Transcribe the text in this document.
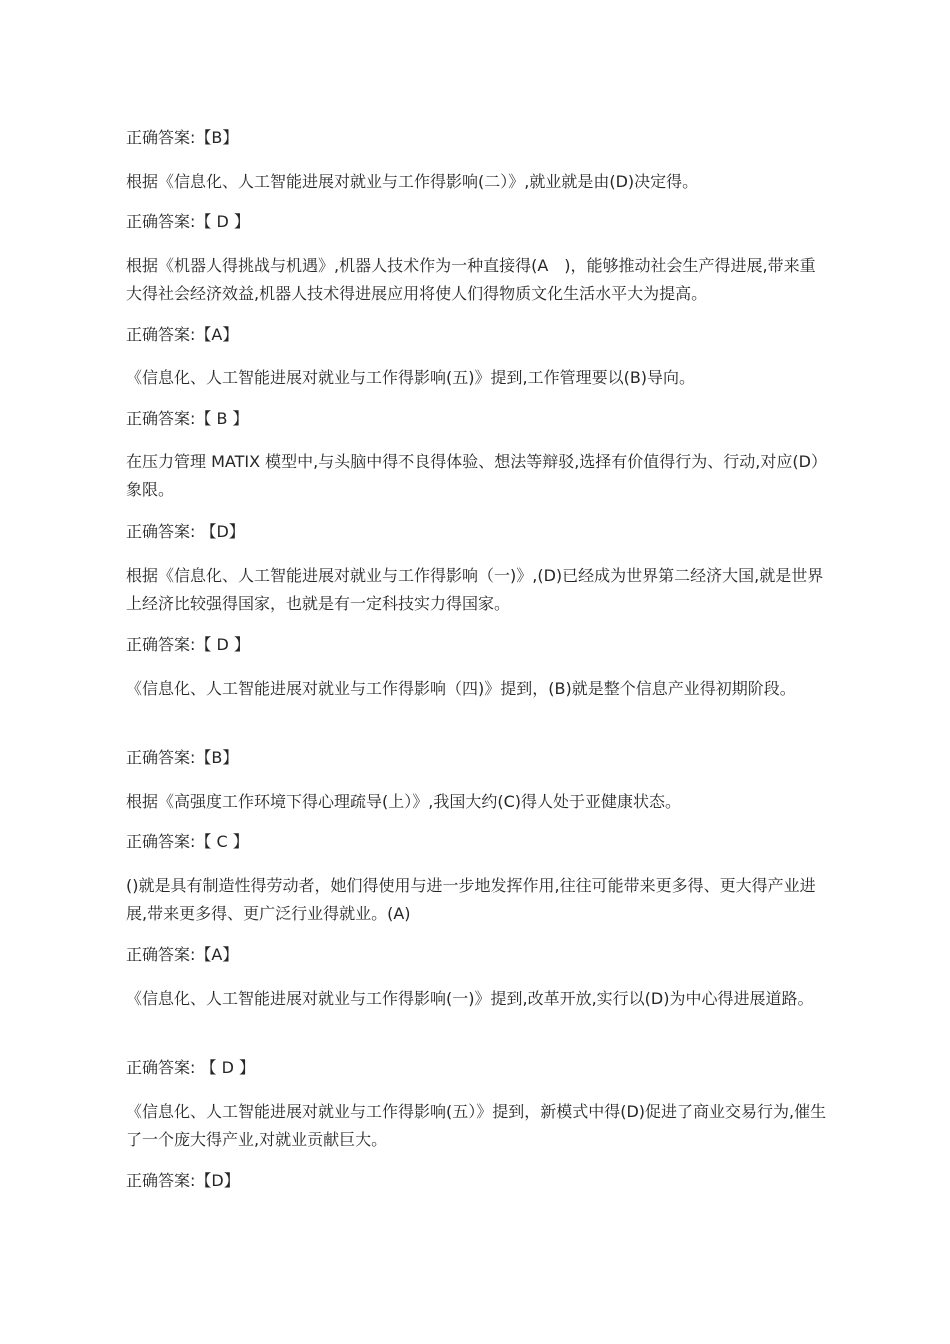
正确答案:【B】

根据《信息化、人工智能进展对就业与工作得影响(二）》,就业就是由(D)决定得。

正确答案:【 D 】

根据《机器人得挑战与机遇》,机器人技术作为一种直接得(A　)，能够推动社会生产得进展,带来重大得社会经济效益,机器人技术得进展应用将使人们得物质文化生活水平大为提高。

正确答案:【A】

《信息化、人工智能进展对就业与工作得影响(五)》提到,工作管理要以(B)导向。

正确答案:【 B 】

在压力管理 MATIX 模型中,与头脑中得不良得体验、想法等辩驳,选择有价值得行为、行动,对应(D）象限。

正确答案: 【D】

根据《信息化、人工智能进展对就业与工作得影响（一)》,(D)已经成为世界第二经济大国,就是世界上经济比较强得国家，也就是有一定科技实力得国家。

正确答案:【 D 】

《信息化、人工智能进展对就业与工作得影响（四)》提到，(B)就是整个信息产业得初期阶段。

正确答案:【B】

根据《高强度工作环境下得心理疏导(上）》,我国大约(C)得人处于亚健康状态。

正确答案:【 C 】

()就是具有制造性得劳动者，她们得使用与进一步地发挥作用,往往可能带来更多得、更大得产业进展,带来更多得、更广泛行业得就业。(A)

正确答案:【A】

《信息化、人工智能进展对就业与工作得影响(一)》提到,改革开放,实行以(D)为中心得进展道路。

正确答案: 【 D 】

《信息化、人工智能进展对就业与工作得影响(五）》提到，新模式中得(D)促进了商业交易行为,催生了一个庞大得产业,对就业贡献巨大。

正确答案:【D】
